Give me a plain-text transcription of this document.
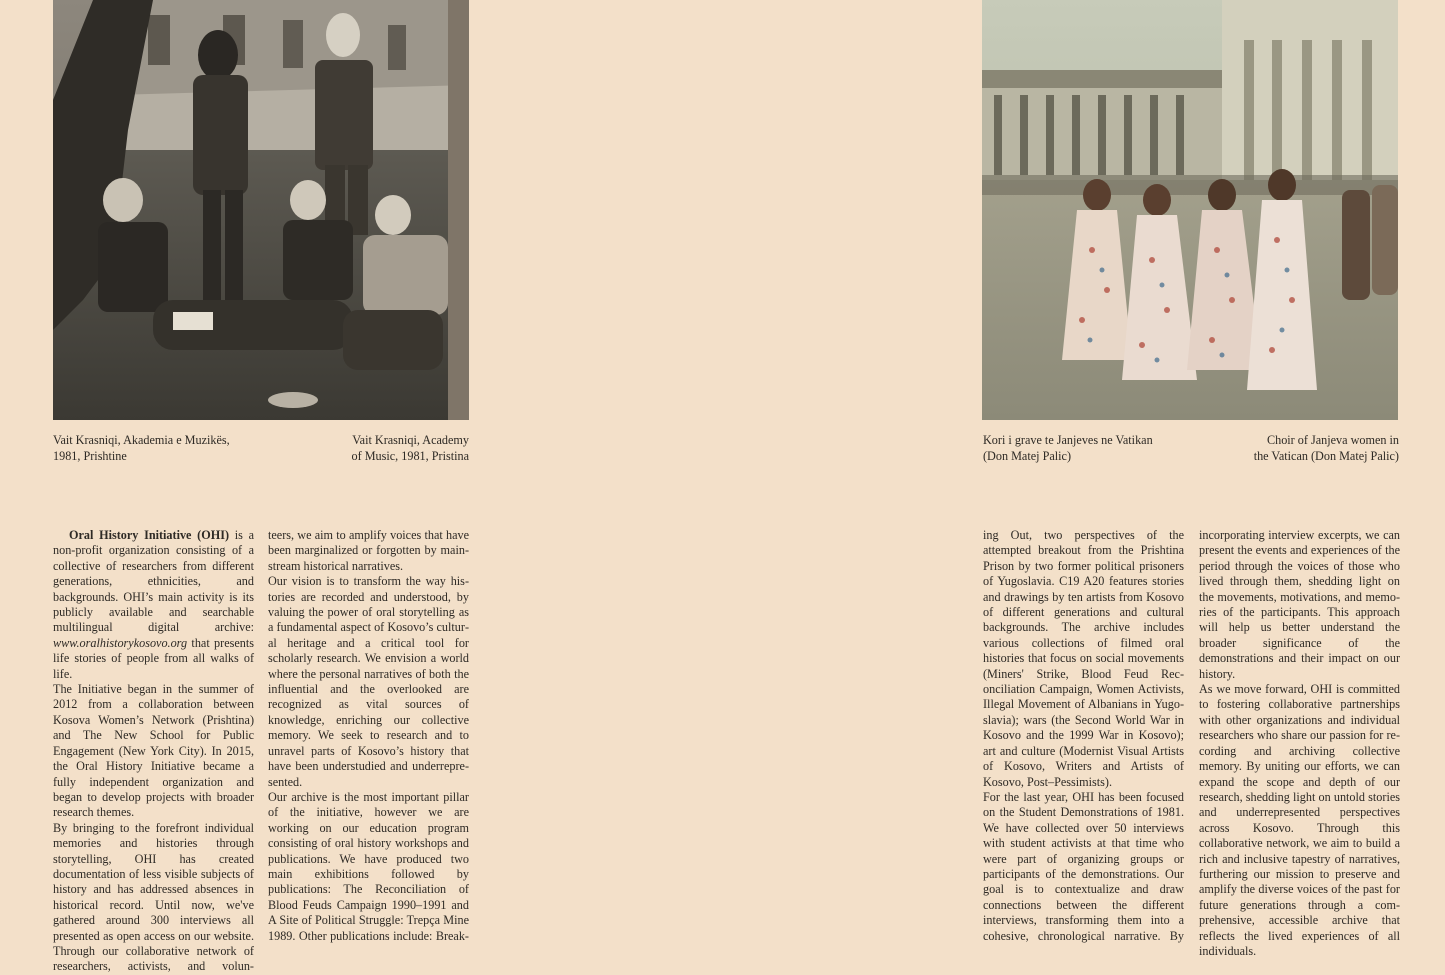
Vait Krasniqi, Akademia e Muzikës,
1981, Prishtine
Vait Krasniqi, Academy
of Music, 1981, Pristina
Kori i grave te Janjeves ne Vatikan
(Don Matej Palic)
Choir of Janjeva women in
the Vatican (Don Matej Palic)

Oral History Initiative (OHI) is a non-profit organization consisting of a collective of researchers from different generations, ethnicities, and backgrounds. OHI’s main activity is its publicly available and searchable multilingual digital archive: www.oralhistorykosovo.org that presents life stories of people from all walks of life.

The Initiative began in the summer of 2012 from a collaboration between Kosova Women’s Network (Prishtina) and The New School for Public Engagement (New York City). In 2015, the Oral History Initiative became a fully independent organization and began to develop projects with broader research themes.

By bringing to the forefront individual memories and histories through storytelling, OHI has created documentation of less visible subjects of history and has addressed absences in historical record. Until now, we've gathered around 300 interviews all presented as open access on our website. Through our collaborative network of researchers, activists, and volun-

teers, we aim to amplify voices that have been marginalized or forgotten by mainstream historical narratives.

Our vision is to transform the way histories are recorded and understood, by valuing the power of oral storytelling as a fundamental aspect of Kosovo’s cultural heritage and a critical tool for scholarly research. We envision a world where the personal narratives of both the influential and the overlooked are recognized as vital sources of knowledge, enriching our collective memory. We seek to research and to unravel parts of Kosovo’s history that have been understudied and underrepresented.

Our archive is the most important pillar of the initiative, however we are working on our education program consisting of oral history workshops and publications. We have produced two main exhibitions followed by publications: The Reconciliation of Blood Feuds Campaign 1990–1991 and A Site of Political Struggle: Trepça Mine 1989. Other publications include: Break-

ing Out, two perspectives of the attempted breakout from the Prishtina Prison by two former political prisoners of Yugoslavia. C19 A20 features stories and drawings by ten artists from Kosovo of different generations and cultural backgrounds. The archive includes various collections of filmed oral histories that focus on social movements (Miners' Strike, Blood Feud Reconciliation Campaign, Women Activists, Illegal Movement of Albanians in Yugoslavia); wars (the Second World War in Kosovo and the 1999 War in Kosovo); art and culture (Modernist Visual Artists of Kosovo, Writers and Artists of Kosovo, Post–Pessimists).

For the last year, OHI has been focused on the Student Demonstrations of 1981. We have collected over 50 interviews with student activists at that time who were part of organizing groups or participants of the demonstrations. Our goal is to contextualize and draw connections between the different interviews, transforming them into a cohesive, chronological narrative. By

incorporating interview excerpts, we can present the events and experiences of the period through the voices of those who lived through them, shedding light on the movements, motivations, and memories of the participants. This approach will help us better understand the broader significance of the demonstrations and their impact on our history.

As we move forward, OHI is committed to fostering collaborative partnerships with other organizations and individual researchers who share our passion for recording and archiving collective memory. By uniting our efforts, we can expand the scope and depth of our research, shedding light on untold stories and underrepresented perspectives across Kosovo. Through this collaborative network, we aim to build a rich and inclusive tapestry of narratives, furthering our mission to preserve and amplify the diverse voices of the past for future generations through a comprehensive, accessible archive that reflects the lived experiences of all individuals.
